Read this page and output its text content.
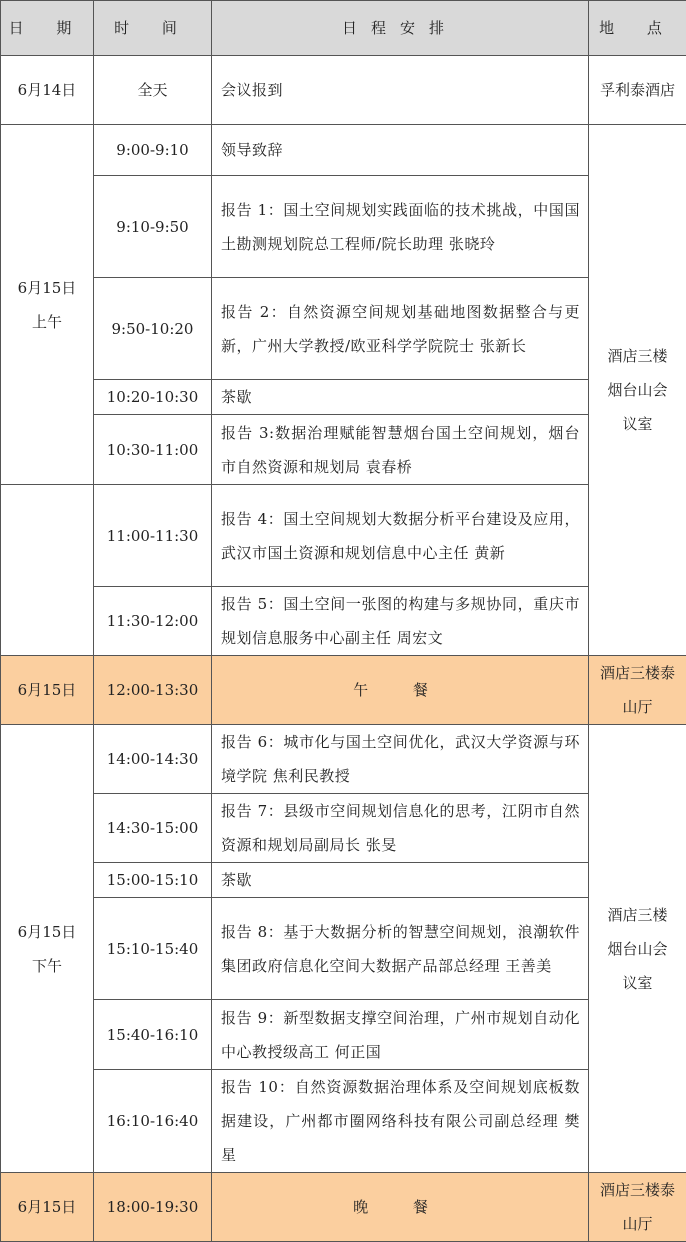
日 期	时 间	日程安排	地 点
6月14日	全天	会议报到	孚利泰酒店
6月15日上午	9:00-9:10	领导致辞	酒店三楼烟台山会议室
	9:10-9:50	报告 1：国土空间规划实践面临的技术挑战，中国国土勘测规划院总工程师/院长助理 张晓玲	
	9:50-10:20	报告 2：自然资源空间规划基础地图数据整合与更新，广州大学教授/欧亚科学学院院士 张新长	
	10:20-10:30	茶歇	
	10:30-11:00	报告 3:数据治理赋能智慧烟台国土空间规划，烟台市自然资源和规划局 袁春桥	
	11:00-11:30	报告 4：国土空间规划大数据分析平台建设及应用，武汉市国土资源和规划信息中心主任 黄新	
	11:30-12:00	报告 5：国土空间一张图的构建与多规协同，重庆市规划信息服务中心副主任 周宏文	
6月15日	12:00-13:30	午 餐	酒店三楼泰山厅
6月15日下午	14:00-14:30	报告 6：城市化与国土空间优化，武汉大学资源与环境学院 焦利民教授	酒店三楼烟台山会议室
	14:30-15:00	报告 7：县级市空间规划信息化的思考，江阴市自然资源和规划局副局长 张旻	
	15:00-15:10	茶歇	
	15:10-15:40	报告 8：基于大数据分析的智慧空间规划，浪潮软件集团政府信息化空间大数据产品部总经理 王善美	
	15:40-16:10	报告 9：新型数据支撑空间治理，广州市规划自动化中心教授级高工 何正国	
	16:10-16:40	报告 10：自然资源数据治理体系及空间规划底板数据建设，广州都市圈网络科技有限公司副总经理 樊星	
6月15日	18:00-19:30	晚 餐	酒店三楼泰山厅
